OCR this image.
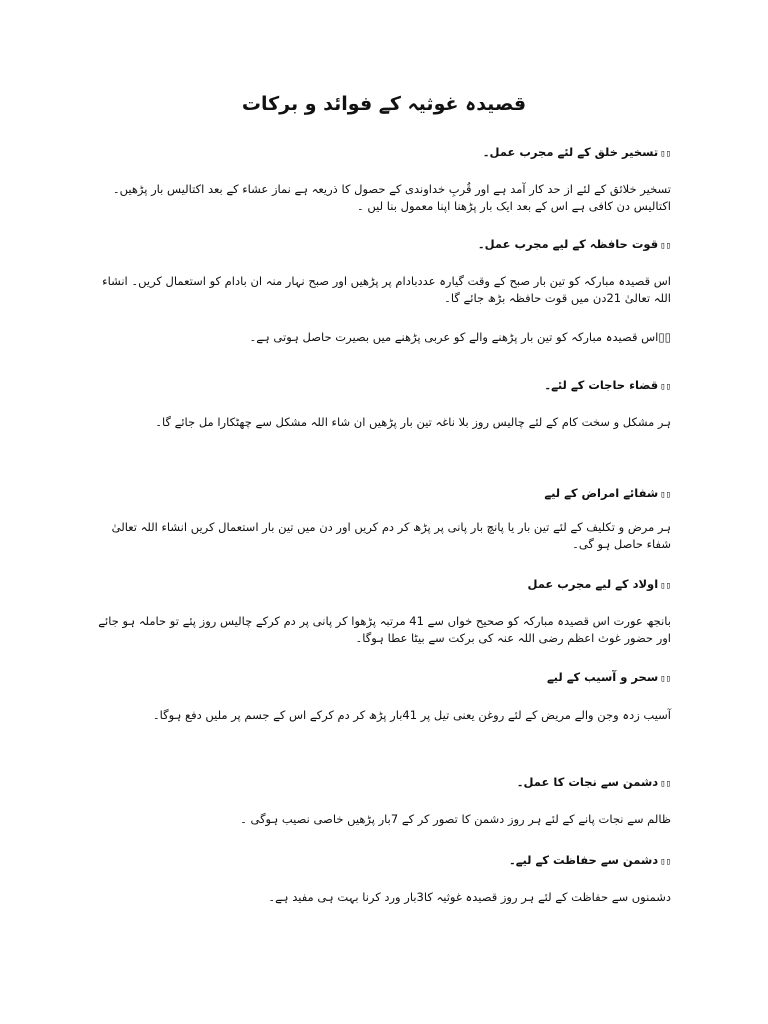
قصیدہ غوثیہ کے فوائد و برکات

▯▯تسخیر خلق کے لئے مجرب عمل۔

تسخیر خلائق کے لئے از حد کار آمد ہے اور قُربِ خداوندی کے حصول کا ذریعہ ہے نماز عشاء کے بعد اکتالیس بار پڑھیں۔ اکتالیس دن کافی ہے اس کے بعد ایک بار پڑھنا اپنا معمول بنا لیں ۔

▯▯قوت حافظہ کے لیے مجرب عمل۔

اس قصیدہ مبارکہ کو تین بار صبح کے وقت گیارہ عددبادام پر پڑھیں اور صبح نہار منہ ان بادام کو استعمال کریں۔ انشاء اللہ تعالیٰ 21دن میں قوت حافظہ بڑھ جائے گا۔

▯▯اس قصیدہ مبارکہ کو تین بار پڑھنے والے کو عربی پڑھنے میں بصیرت حاصل ہوتی ہے۔

▯▯قضاء حاجات کے لئے۔

ہر مشکل و سخت کام کے لئے چالیس روز بلا ناغہ تین بار پڑھیں ان شاء اللہ مشکل سے چھٹکارا مل جائے گا۔

▯▯شفائے امراض کے لیے

ہر مرض و تکلیف کے لئے تین بار یا پانچ بار پانی پر پڑھ کر دم کریں اور دن میں تین بار استعمال کریں انشاء اللہ تعالیٰ شفاء حاصل ہو گی۔

▯▯اولاد کے لیے مجرب عمل

بانجھ عورت اس قصیدہ مبارکہ کو صحیح خواں سے 41 مرتبہ پڑھوا کر پانی پر دم کرکے چالیس روز پئے تو حاملہ ہو جائے اور حضور غوث اعظم رضی اللہ عنہ کی برکت سے بیٹا عطا ہوگا۔

▯▯سحر و آسیب کے لیے

آسیب زدہ وجن والے مریض کے لئے روغن یعنی تیل پر 41بار پڑھ کر دم کرکے اس کے جسم پر ملیں دفع ہوگا۔

▯▯دشمن سے نجات کا عمل۔

ظالم سے نجات پانے کے لئے ہر روز دشمن کا تصور کر کے 7بار پڑھیں خاصی نصیب ہوگی ۔

▯▯دشمن سے حفاظت کے لیے۔

دشمنوں سے حفاظت کے لئے ہر روز قصیدہ غوثیہ کا3بار ورد کرنا بہت ہی مفید ہے۔
